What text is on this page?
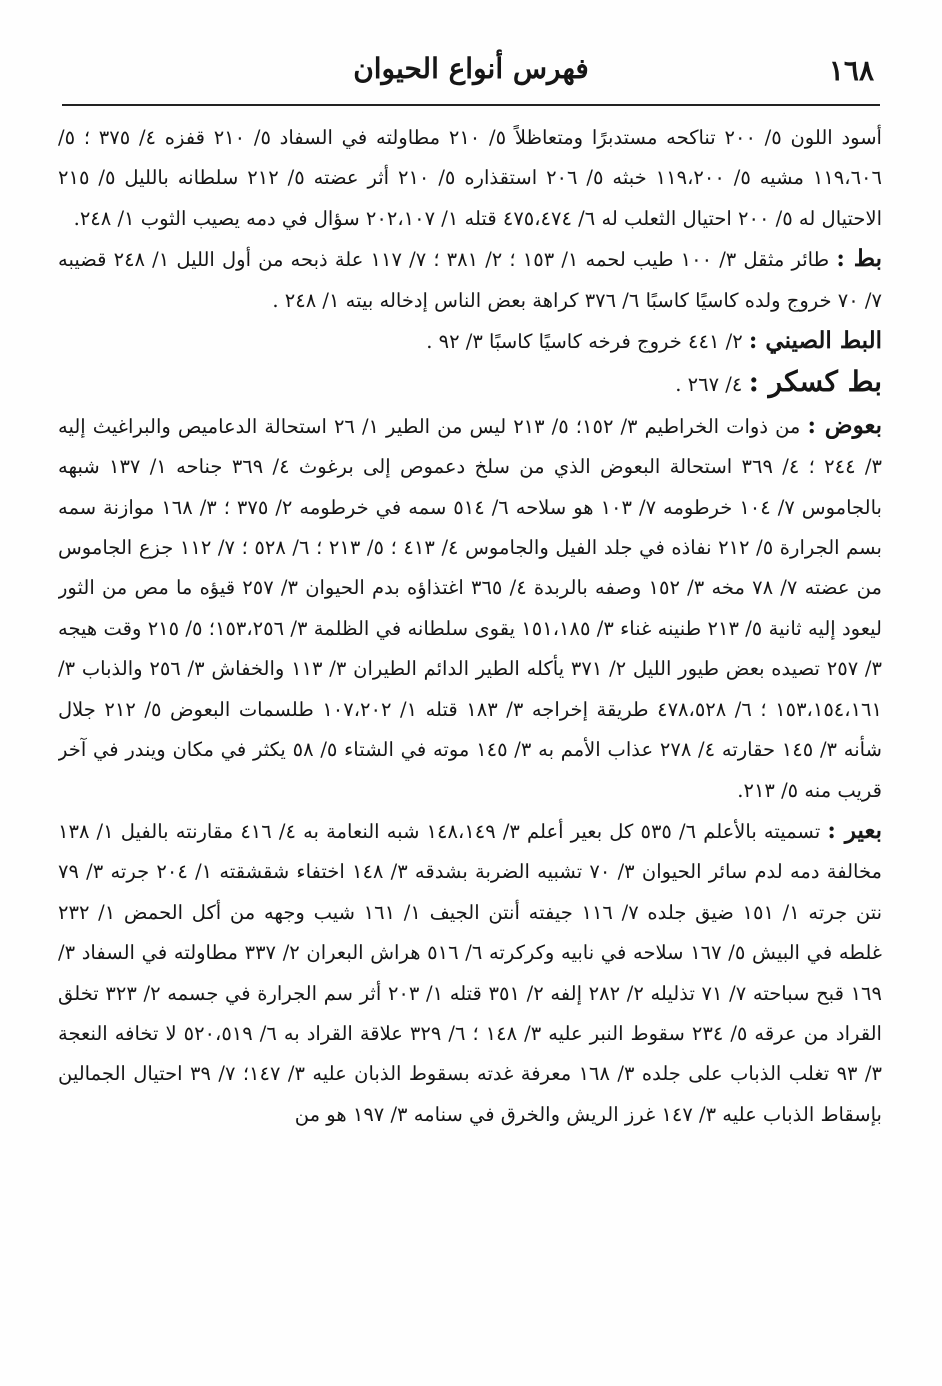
١٦٨
فهرس أنواع الحيوان

أسود اللون ٥/ ٢٠٠ تناكحه مستدبرًا ومتعاظلاً ٥/ ٢١٠ مطاولته في السفاد ٥/ ٢١٠ قفزه ٤/ ٣٧٥ ؛ ٥/ ١١٩،٦٠٦ مشيه ٥/ ١١٩،٢٠٠ خبثه ٥/ ٢٠٦ استقذاره ٥/ ٢١٠ أثر عضته ٥/ ٢١٢ سلطانه بالليل ٥/ ٢١٥ الاحتيال له ٥/ ٢٠٠ احتيال الثعلب له ٦/ ٤٧٥،٤٧٤ قتله ١/ ٢٠٢،١٠٧ سؤال في دمه يصيب الثوب ١/ ٢٤٨.

بط : طائر مثقل ٣/ ١٠٠ طيب لحمه ١/ ١٥٣ ؛ ٢/ ٣٨١ ؛ ٧/ ١١٧ علة ذبحه من أول الليل ١/ ٢٤٨ قضيبه ٧/ ٧٠ خروج ولده كاسيًا كاسبًا ٦/ ٣٧٦ كراهة بعض الناس إدخاله بيته ١/ ٢٤٨ .

البط الصيني : ٢/ ٤٤١ خروج فرخه كاسيًا كاسبًا ٣/ ٩٢ .

بط كسكر : ٤/ ٢٦٧ .

بعوض : من ذوات الخراطيم ٣/ ١٥٢؛ ٥/ ٢١٣ ليس من الطير ١/ ٢٦ استحالة الدعاميص والبراغيث إليه ٣/ ٢٤٤ ؛ ٤/ ٣٦٩ استحالة البعوض الذي من سلخ دعموص إلى برغوث ٤/ ٣٦٩ جناحه ١/ ١٣٧ شبهه بالجاموس ٧/ ١٠٤ خرطومه ٧/ ١٠٣ هو سلاحه ٦/ ٥١٤ سمه في خرطومه ٢/ ٣٧٥ ؛ ٣/ ١٦٨ موازنة سمه بسم الجرارة ٥/ ٢١٢ نفاذه في جلد الفيل والجاموس ٤/ ٤١٣ ؛ ٥/ ٢١٣ ؛ ٦/ ٥٢٨ ؛ ٧/ ١١٢ جزع الجاموس من عضته ٧/ ٧٨ مخه ٣/ ١٥٢ وصفه بالربدة ٤/ ٣٦٥ اغتذاؤه بدم الحيوان ٣/ ٢٥٧ قيؤه ما مص من الثور ليعود إليه ثانية ٥/ ٢١٣ طنينه غناء ٣/ ١٥١،١٨٥ يقوى سلطانه في الظلمة ٣/ ١٥٣،٢٥٦؛ ٥/ ٢١٥ وقت هيجه ٣/ ٢٥٧ تصيده بعض طيور الليل ٢/ ٣٧١ يأكله الطير الدائم الطيران ٣/ ١١٣ والخفاش ٣/ ٢٥٦ والذباب ٣/ ١٥٣،١٥٤،١٦١ ؛ ٦/ ٤٧٨،٥٢٨ طريقة إخراجه ٣/ ١٨٣ قتله ١/ ١٠٧،٢٠٢ طلسمات البعوض ٥/ ٢١٢ جلال شأنه ٣/ ١٤٥ حقارته ٤/ ٢٧٨ عذاب الأمم به ٣/ ١٤٥ موته في الشتاء ٥/ ٥٨ يكثر في مكان ويندر في آخر قريب منه ٥/ ٢١٣.

بعير : تسميته بالأعلم ٦/ ٥٣٥ كل بعير أعلم ٣/ ١٤٨،١٤٩ شبه النعامة به ٤/ ٤١٦ مقارنته بالفيل ١/ ١٣٨ مخالفة دمه لدم سائر الحيوان ٣/ ٧٠ تشبيه الضربة بشدقه ٣/ ١٤٨ اختفاء شقشقته ١/ ٢٠٤ جرته ٣/ ٧٩ نتن جرته ١/ ١٥١ ضيق جلده ٧/ ١١٦ جيفته أنتن الجيف ١/ ١٦١ شيب وجهه من أكل الحمض ١/ ٢٣٢ غلطه في البيش ٥/ ١٦٧ سلاحه في نابيه وكركرته ٦/ ٥١٦ هراش البعران ٢/ ٣٣٧ مطاولته في السفاد ٣/ ١٦٩ قبح سباحته ٧/ ٧١ تذليله ٢/ ٢٨٢ إلفه ٢/ ٣٥١ قتله ١/ ٢٠٣ أثر سم الجرارة في جسمه ٢/ ٣٢٣ تخلق القراد من عرقه ٥/ ٢٣٤ سقوط النبر عليه ٣/ ١٤٨ ؛ ٦/ ٣٢٩ علاقة القراد به ٦/ ٥٢٠،٥١٩ لا تخافه النعجة ٣/ ٩٣ تغلب الذباب على جلده ٣/ ١٦٨ معرفة غدته بسقوط الذبان عليه ٣/ ١٤٧؛ ٧/ ٣٩ احتيال الجمالين بإسقاط الذباب عليه ٣/ ١٤٧ غرز الريش والخرق في سنامه ٣/ ١٩٧ هو من
